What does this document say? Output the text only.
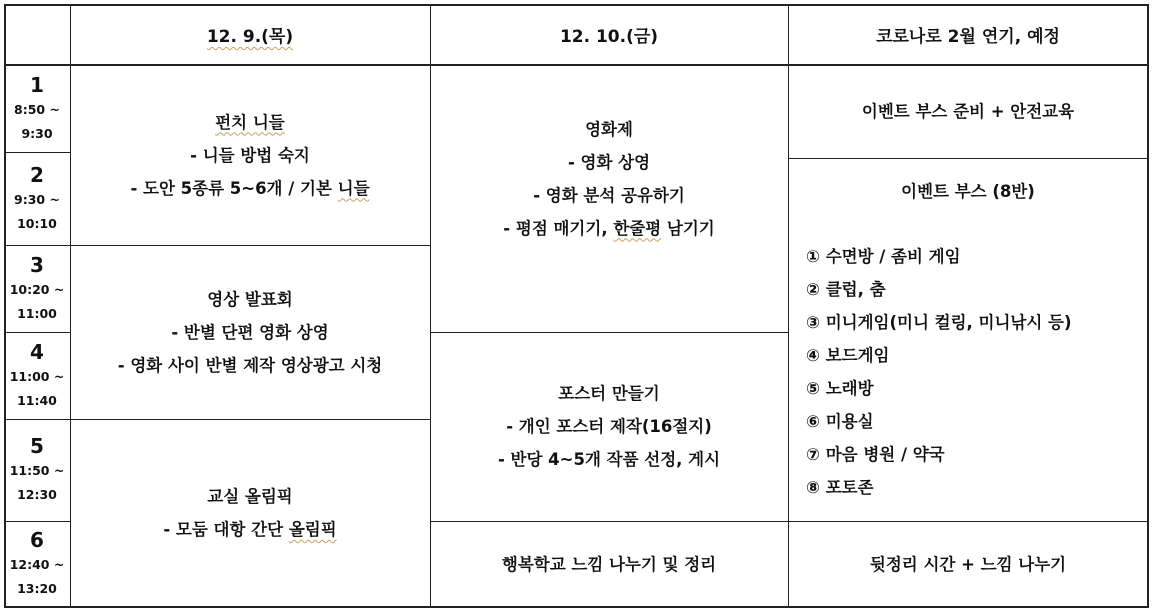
12. 9.(목)	12. 10.(금)	코로나로 2월 연기, 예정
1
8:50 ~
9:30
2
9:30 ~
10:10
3
10:20 ~
11:00
4
11:00 ~
11:40
5
11:50 ~
12:30
6
12:40 ~
13:20
펀치 니들
- 니들 방법 숙지
- 도안 5종류 5~6개 / 기본 니들
영상 발표회
- 반별 단편 영화 상영
- 영화 사이 반별 제작 영상광고 시청
교실 올림픽
- 모둠 대항 간단 올림픽
영화제
- 영화 상영
- 영화 분석 공유하기
- 평점 매기기, 한줄평 남기기
포스터 만들기
- 개인 포스터 제작(16절지)
- 반당 4~5개 작품 선정, 게시
행복학교 느낌 나누기 및 정리
이벤트 부스 준비 + 안전교육
이벤트 부스 (8반)
① 수면방 / 좀비 게임
② 클럽, 춤
③ 미니게임(미니 컬링, 미니낚시 등)
④ 보드게임
⑤ 노래방
⑥ 미용실
⑦ 마음 병원 / 약국
⑧ 포토존
뒷정리 시간 + 느낌 나누기
